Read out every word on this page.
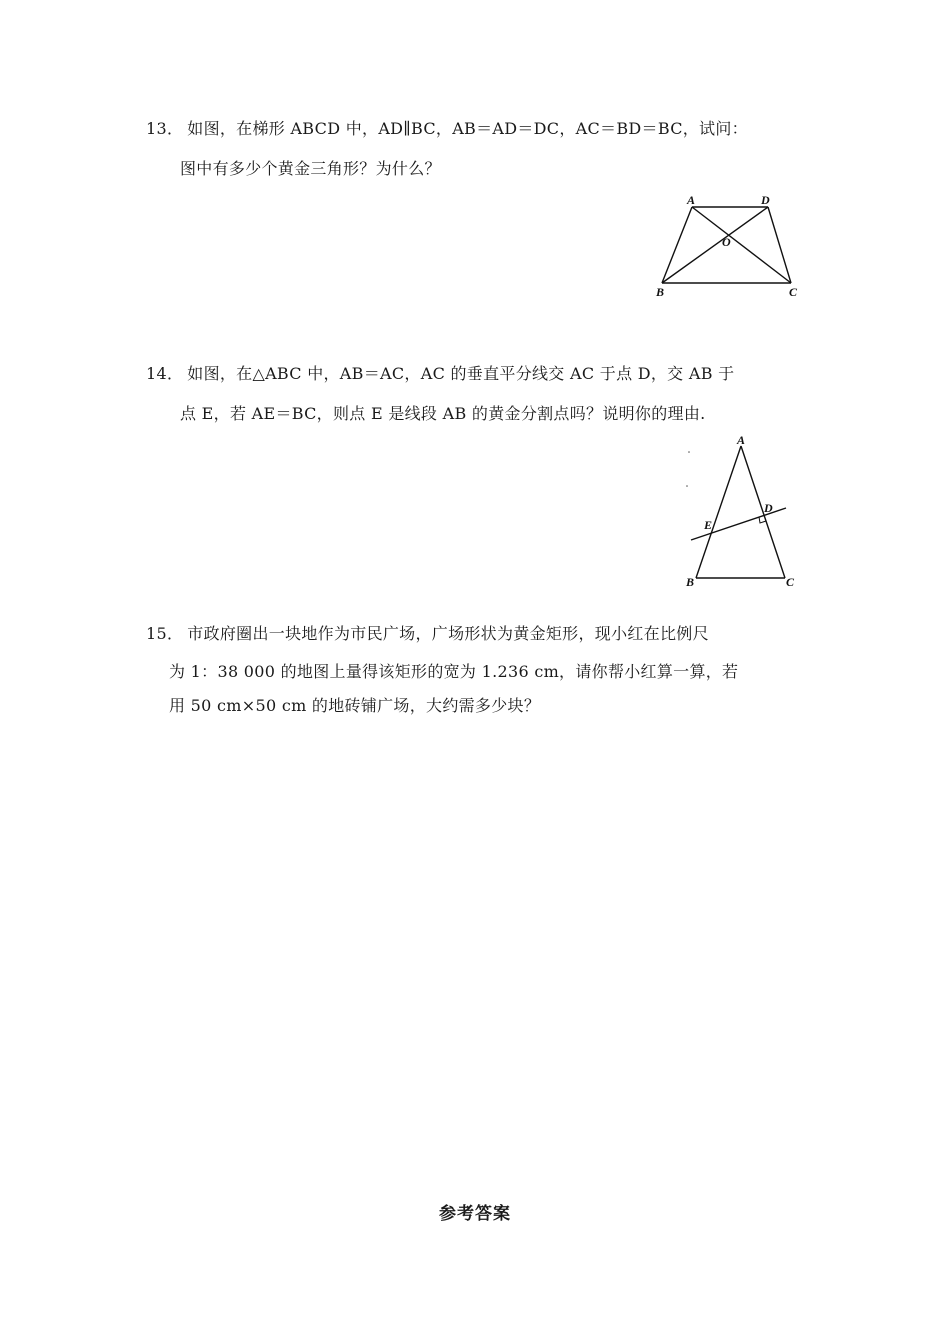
13． 如图，在梯形 ABCD 中，AD∥BC，AB＝AD＝DC，AC＝BD＝BC，试问：
图中有多少个黄金三角形？为什么？
A	D
O
B	C
14． 如图，在△ABC 中，AB＝AC，AC 的垂直平分线交 AC 于点 D，交 AB 于
点 E，若 AE＝BC，则点 E 是线段 AB 的黄金分割点吗？说明你的理由.
A
D
E
B	C
15． 市政府圈出一块地作为市民广场，广场形状为黄金矩形，现小红在比例尺
为 1：38 000 的地图上量得该矩形的宽为 1.236 cm，请你帮小红算一算，若
用 50 cm×50 cm 的地砖铺广场，大约需多少块？
参考答案
